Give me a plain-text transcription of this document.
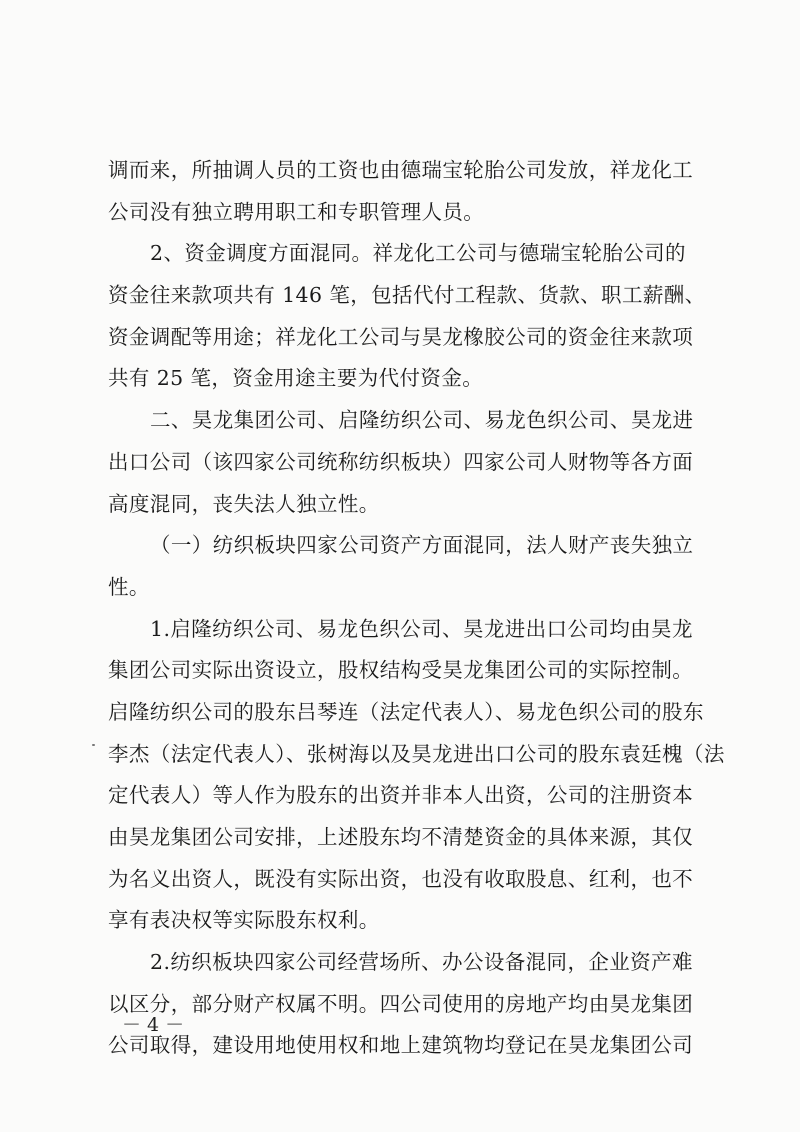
调而来，所抽调人员的工资也由德瑞宝轮胎公司发放，祥龙化工
公司没有独立聘用职工和专职管理人员。
2、资金调度方面混同。祥龙化工公司与德瑞宝轮胎公司的
资金往来款项共有 146 笔，包括代付工程款、货款、职工薪酬、
资金调配等用途；祥龙化工公司与昊龙橡胶公司的资金往来款项
共有 25 笔，资金用途主要为代付资金。
二、昊龙集团公司、启隆纺织公司、易龙色织公司、昊龙进
出口公司（该四家公司统称纺织板块）四家公司人财物等各方面
高度混同，丧失法人独立性。
（一）纺织板块四家公司资产方面混同，法人财产丧失独立
性。
1.启隆纺织公司、易龙色织公司、昊龙进出口公司均由昊龙
集团公司实际出资设立，股权结构受昊龙集团公司的实际控制。
启隆纺织公司的股东吕琴连（法定代表人）、易龙色织公司的股东
李杰（法定代表人）、张树海以及昊龙进出口公司的股东袁廷槐（法
定代表人）等人作为股东的出资并非本人出资，公司的注册资本
由昊龙集团公司安排，上述股东均不清楚资金的具体来源，其仅
为名义出资人，既没有实际出资，也没有收取股息、红利，也不
享有表决权等实际股东权利。
2.纺织板块四家公司经营场所、办公设备混同，企业资产难
以区分，部分财产权属不明。四公司使用的房地产均由昊龙集团
公司取得，建设用地使用权和地上建筑物均登记在昊龙集团公司
－ 4 －
